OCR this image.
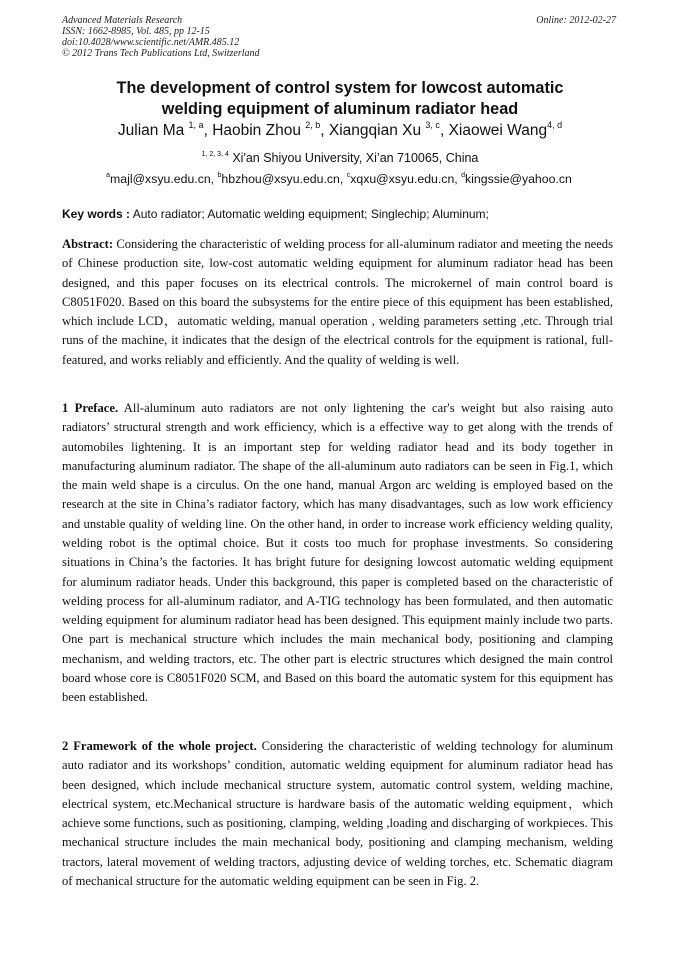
Advanced Materials Research
ISSN: 1662-8985, Vol. 485, pp 12-15
doi:10.4028/www.scientific.net/AMR.485.12
© 2012 Trans Tech Publications Ltd, Switzerland
Online: 2012-02-27
The development of control system for lowcost automatic
welding equipment of aluminum radiator head
Julian Ma $^{1, a}$, Haobin Zhou $^{2, b}$, Xiangqian Xu $^{3, c}$, Xiaowei Wang$^{4, d}$
$^{1, 2, 3, 4}$ Xi'an Shiyou University, Xi’an 710065, China
$^a$majl@xsyu.edu.cn, $^b$hbzhou@xsyu.edu.cn, $^c$xqxu@xsyu.edu.cn, $^d$kingssie@yahoo.cn
Key words : Auto radiator; Automatic welding equipment; Singlechip; Aluminum;
Abstract: Considering the characteristic of welding process for all-aluminum radiator and meeting the needs of Chinese production site, low-cost automatic welding equipment for aluminum radiator head has been designed, and this paper focuses on its electrical controls. The microkernel of main control board is C8051F020. Based on this board the subsystems for the entire piece of this equipment has been established, which include LCD，automatic welding, manual operation , welding parameters setting ,etc. Through trial runs of the machine, it indicates that the design of the electrical controls for the equipment is rational, full-featured, and works reliably and efficiently. And the quality of welding is well.
1 Preface. All-aluminum auto radiators are not only lightening the car's weight but also raising auto radiators’ structural strength and work efficiency, which is a effective way to get along with the trends of automobiles lightening. It is an important step for welding radiator head and its body together in manufacturing aluminum radiator. The shape of the all-aluminum auto radiators can be seen in Fig.1, which the main weld shape is a circulus. On the one hand, manual Argon arc welding is employed based on the research at the site in China’s radiator factory, which has many disadvantages, such as low work efficiency and unstable quality of welding line. On the other hand, in order to increase work efficiency welding quality, welding robot is the optimal choice. But it costs too much for prophase investments. So considering situations in China’s the factories. It has bright future for designing lowcost automatic welding equipment for aluminum radiator heads. Under this background, this paper is completed based on the characteristic of welding process for all-aluminum radiator, and A-TIG technology has been formulated, and then automatic welding equipment for aluminum radiator head has been designed. This equipment mainly include two parts. One part is mechanical structure which includes the main mechanical body, positioning and clamping mechanism, and welding tractors, etc. The other part is electric structures which designed the main control board whose core is C8051F020 SCM, and Based on this board the automatic system for this equipment has been established.
2 Framework of the whole project. Considering the characteristic of welding technology for aluminum auto radiator and its workshops’ condition, automatic welding equipment for aluminum radiator head has been designed, which include mechanical structure system, automatic control system, welding machine, electrical system, etc.Mechanical structure is hardware basis of the automatic welding equipment，which achieve some functions, such as positioning, clamping, welding ,loading and discharging of workpieces. This mechanical structure includes the main mechanical body, positioning and clamping mechanism, welding tractors, lateral movement of welding tractors, adjusting device of welding torches, etc. Schematic diagram of mechanical structure for the automatic welding equipment can be seen in Fig. 2.
